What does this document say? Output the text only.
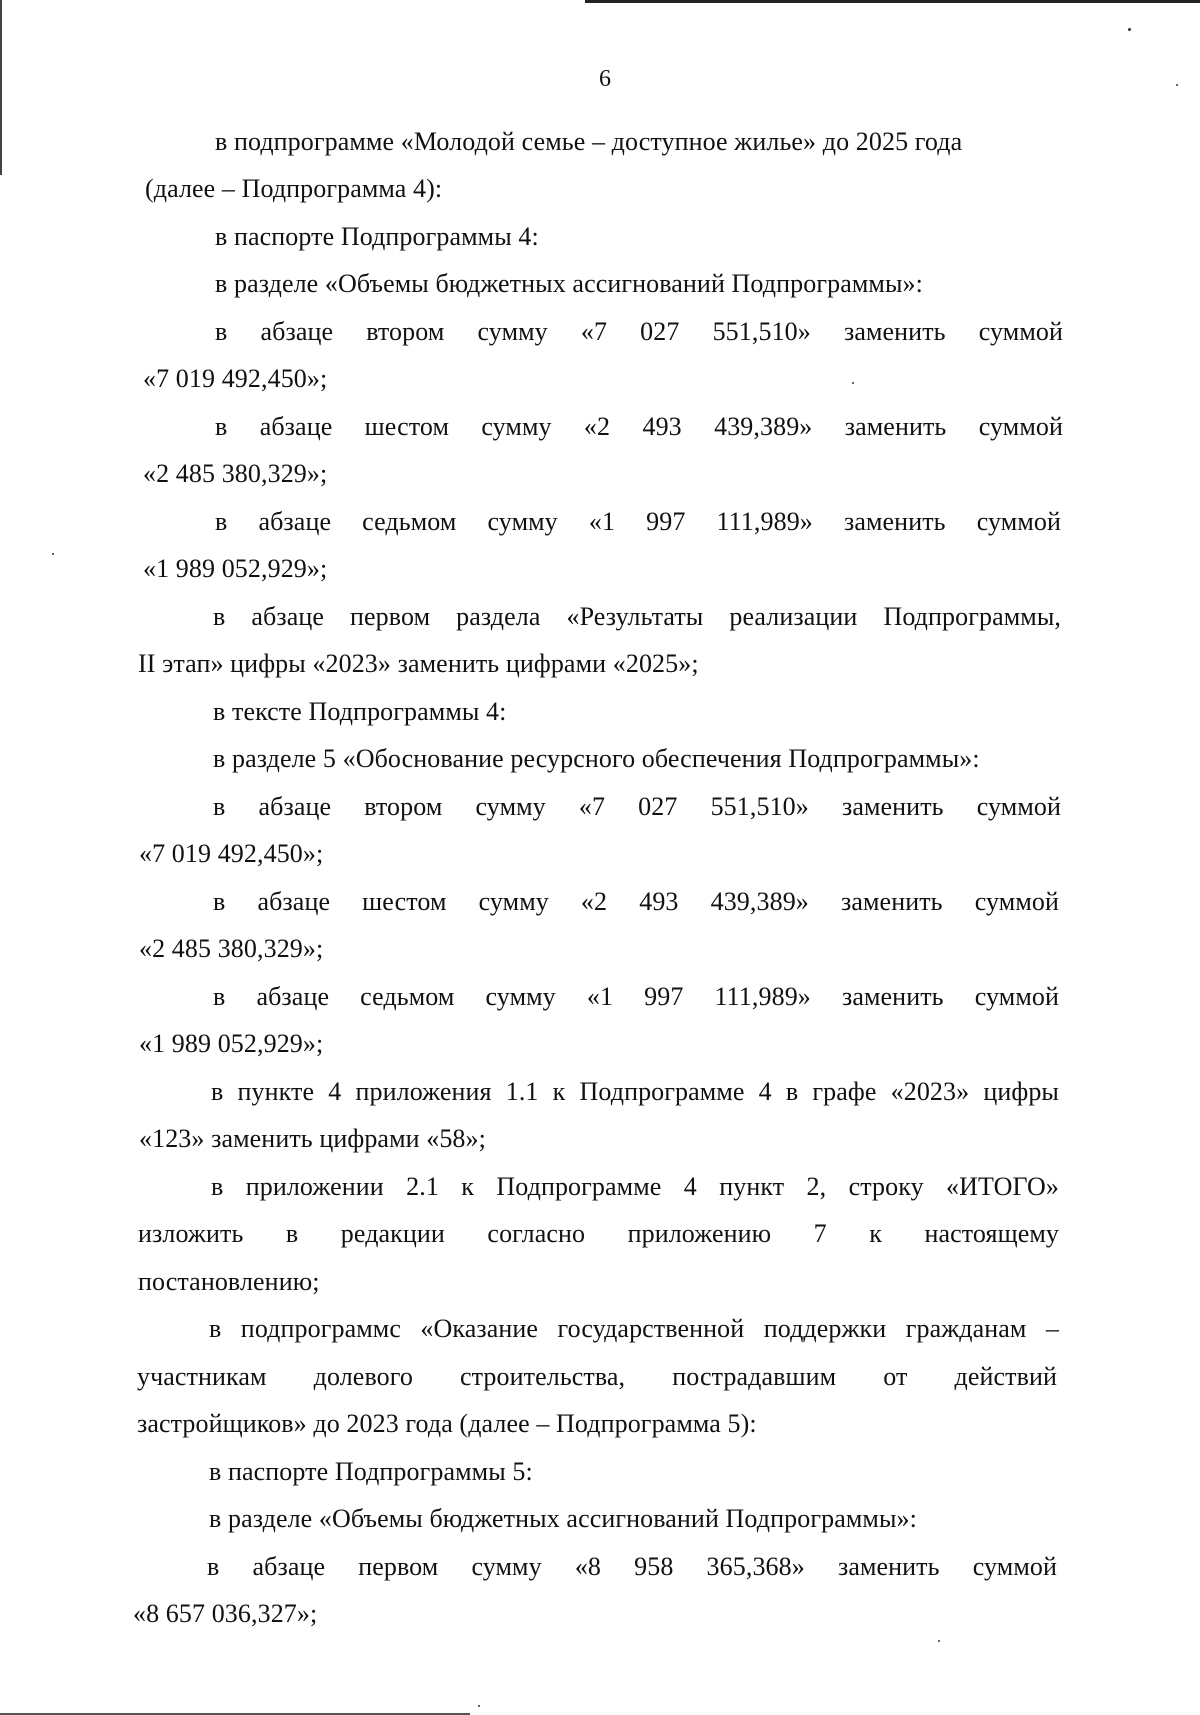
6
в подпрограмме «Молодой семье – доступное жилье» до 2025 года
(далее – Подпрограмма 4):
в паспорте Подпрограммы 4:
в разделе «Объемы бюджетных ассигнований Подпрограммы»:
в абзаце втором сумму «7 027 551,510» заменить суммой
«7 019 492,450»;
в абзаце шестом сумму «2 493 439,389» заменить суммой
«2 485 380,329»;
в абзаце седьмом сумму «1 997 111,989» заменить суммой
«1 989 052,929»;
в абзаце первом раздела «Результаты реализации Подпрограммы,
II этап» цифры «2023» заменить цифрами «2025»;
в тексте Подпрограммы 4:
в разделе 5 «Обоснование ресурсного обеспечения Подпрограммы»:
в абзаце втором сумму «7 027 551,510» заменить суммой
«7 019 492,450»;
в абзаце шестом сумму «2 493 439,389» заменить суммой
«2 485 380,329»;
в абзаце седьмом сумму «1 997 111,989» заменить суммой
«1 989 052,929»;
в пункте 4 приложения 1.1 к Подпрограмме 4 в графе «2023» цифры
«123» заменить цифрами «58»;
в приложении 2.1 к Подпрограмме 4 пункт 2, строку «ИТОГО»
изложить в редакции согласно приложению 7 к настоящему
постановлению;
в подпрограммс «Оказание государственной поддержки гражданам –
участникам долевого строительства, пострадавшим от действий
застройщиков» до 2023 года (далее – Подпрограмма 5):
в паспорте Подпрограммы 5:
в разделе «Объемы бюджетных ассигнований Подпрограммы»:
в абзаце первом сумму «8 958 365,368» заменить суммой
«8 657 036,327»;
